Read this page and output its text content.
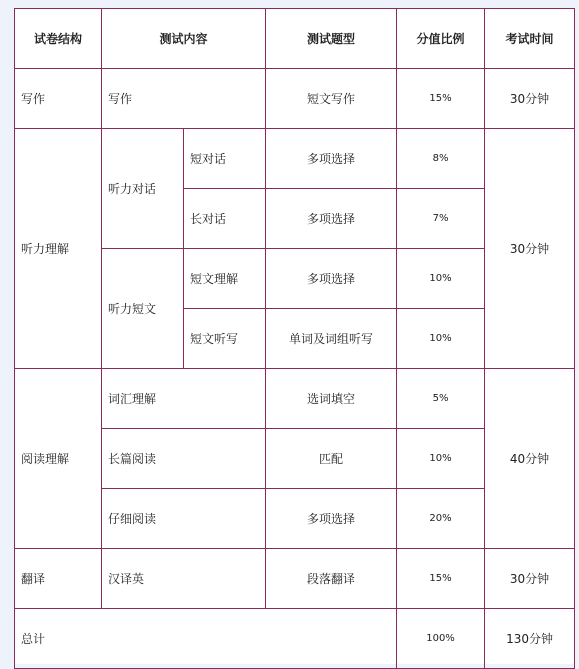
试卷结构	测试内容		测试题型	分值比例	考试时间
写作	写作		短文写作	15%	30分钟
听力理解	听力对话	短对话	多项选择	8%	30分钟
		长对话	多项选择	7%	
	听力短文	短文理解	多项选择	10%	
		短文听写	单词及词组听写	10%	
阅读理解	词汇理解		选词填空	5%	40分钟
	长篇阅读		匹配	10%	
	仔细阅读		多项选择	20%	
翻译	汉译英		段落翻译	15%	30分钟
总计				100%	130分钟
